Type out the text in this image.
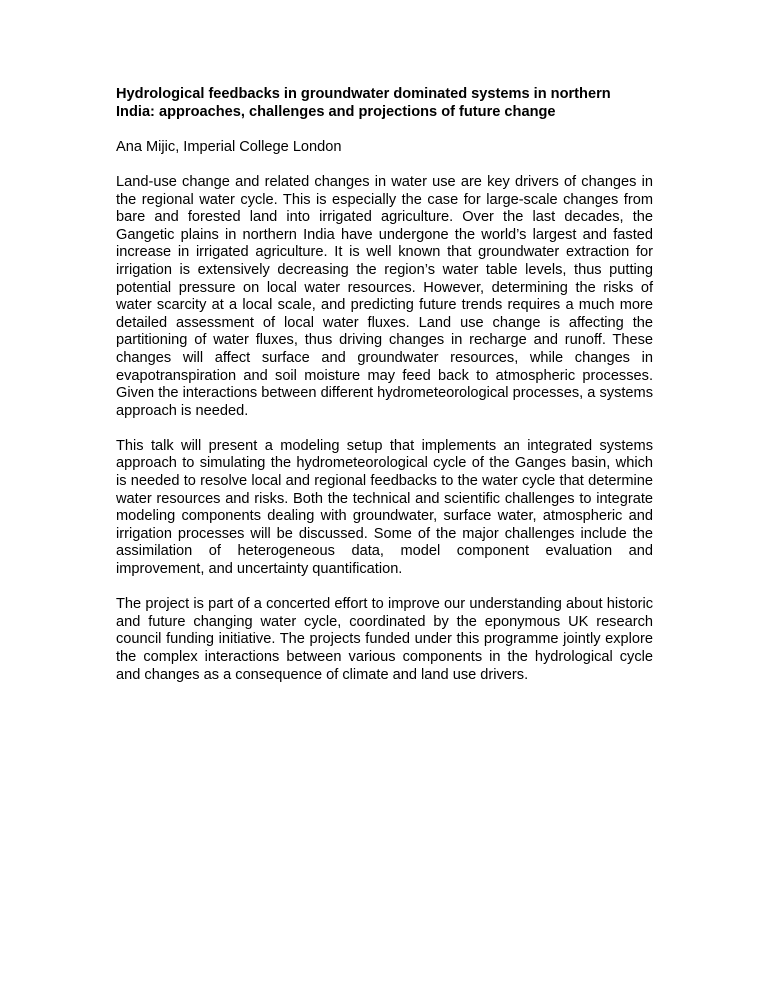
Hydrological feedbacks in groundwater dominated systems in northern India: approaches, challenges and projections of future change

Ana Mijic, Imperial College London

Land-use change and related changes in water use are key drivers of changes in the regional water cycle. This is especially the case for large-scale changes from bare and forested land into irrigated agriculture. Over the last decades, the Gangetic plains in northern India have undergone the world’s largest and fasted increase in irrigated agriculture. It is well known that groundwater extraction for irrigation is extensively decreasing the region’s water table levels, thus putting potential pressure on local water resources. However, determining the risks of water scarcity at a local scale, and predicting future trends requires a much more detailed assessment of local water fluxes. Land use change is affecting the partitioning of water fluxes, thus driving changes in recharge and runoff. These changes will affect surface and groundwater resources, while changes in evapotranspiration and soil moisture may feed back to atmospheric processes. Given the interactions between different hydrometeorological processes, a systems approach is needed.

This talk will present a modeling setup that implements an integrated systems approach to simulating the hydrometeorological cycle of the Ganges basin, which is needed to resolve local and regional feedbacks to the water cycle that determine water resources and risks. Both the technical and scientific challenges to integrate modeling components dealing with groundwater, surface water, atmospheric and irrigation processes will be discussed. Some of the major challenges include the assimilation of heterogeneous data, model component evaluation and improvement, and uncertainty quantification.

The project is part of a concerted effort to improve our understanding about historic and future changing water cycle, coordinated by the eponymous UK research council funding initiative. The projects funded under this programme jointly explore the complex interactions between various components in the hydrological cycle and changes as a consequence of climate and land use drivers.
